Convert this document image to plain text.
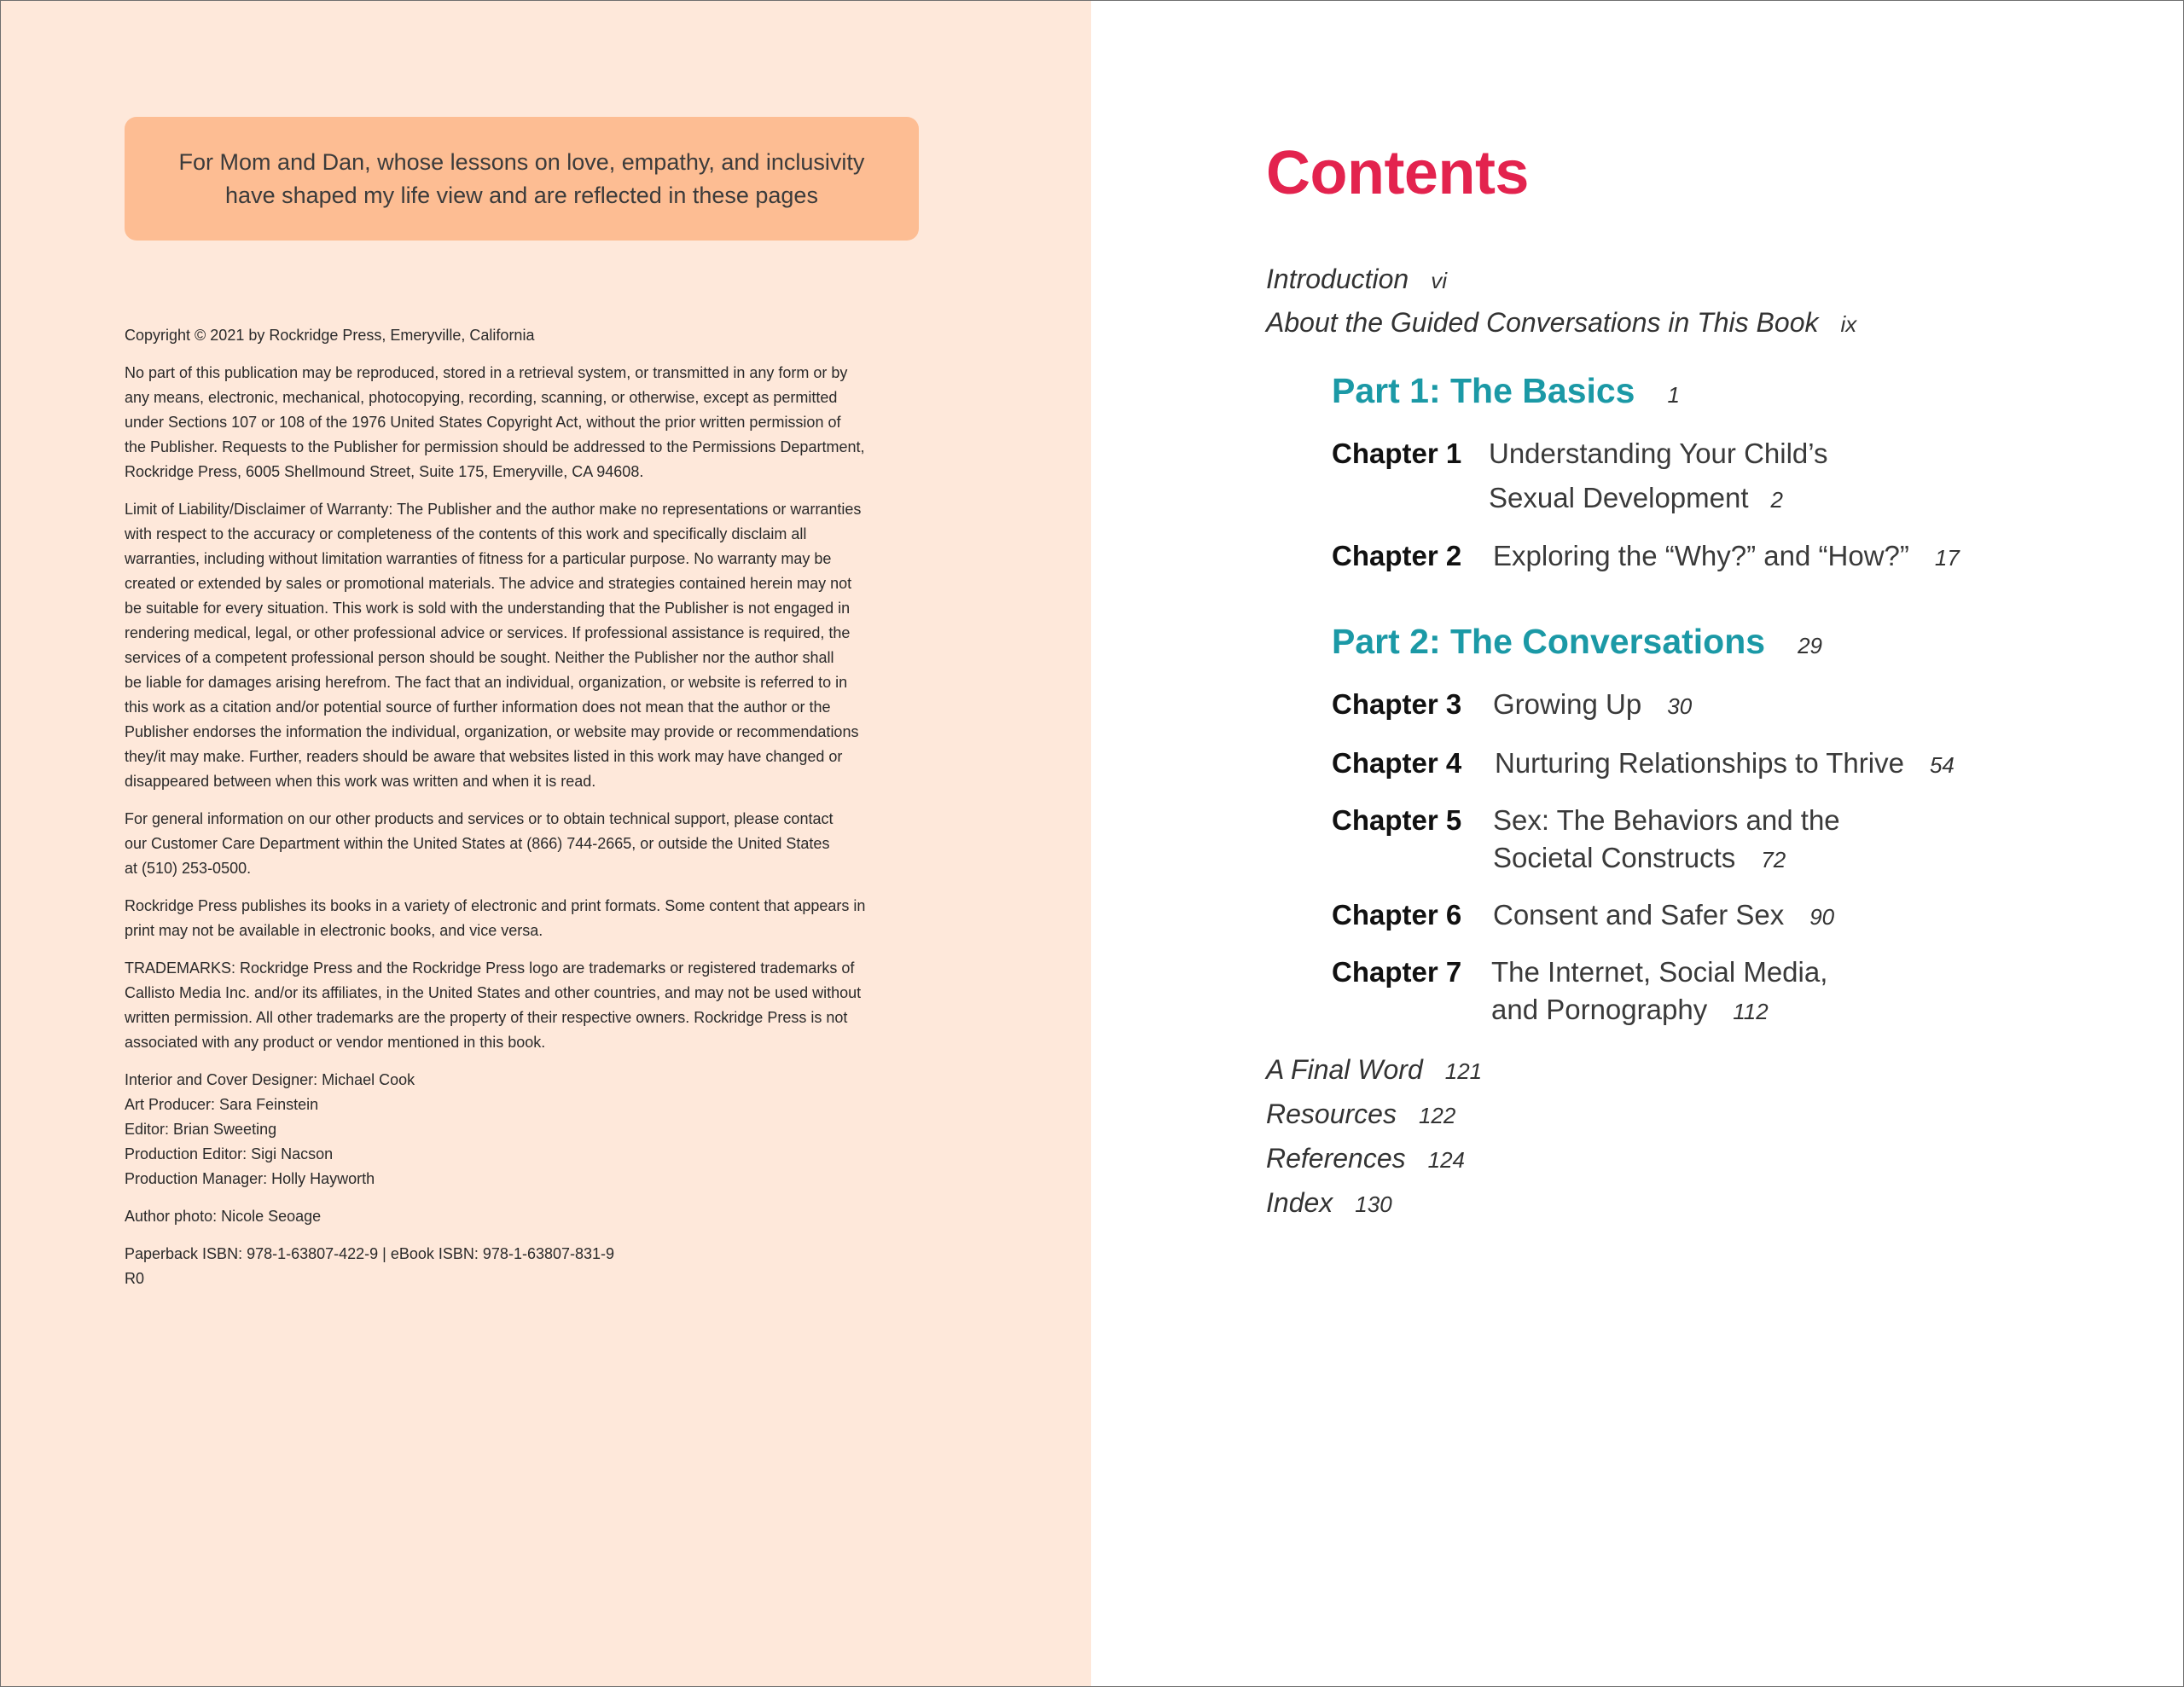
For Mom and Dan, whose lessons on love, empathy, and inclusivity
have shaped my life view and are reflected in these pages

Copyright © 2021 by Rockridge Press, Emeryville, California

No part of this publication may be reproduced, stored in a retrieval system, or transmitted in any form or by
any means, electronic, mechanical, photocopying, recording, scanning, or otherwise, except as permitted
under Sections 107 or 108 of the 1976 United States Copyright Act, without the prior written permission of
the Publisher. Requests to the Publisher for permission should be addressed to the Permissions Department,
Rockridge Press, 6005 Shellmound Street, Suite 175, Emeryville, CA 94608.

Limit of Liability/Disclaimer of Warranty: The Publisher and the author make no representations or warranties
with respect to the accuracy or completeness of the contents of this work and specifically disclaim all
warranties, including without limitation warranties of fitness for a particular purpose. No warranty may be
created or extended by sales or promotional materials. The advice and strategies contained herein may not
be suitable for every situation. This work is sold with the understanding that the Publisher is not engaged in
rendering medical, legal, or other professional advice or services. If professional assistance is required, the
services of a competent professional person should be sought. Neither the Publisher nor the author shall
be liable for damages arising herefrom. The fact that an individual, organization, or website is referred to in
this work as a citation and/or potential source of further information does not mean that the author or the
Publisher endorses the information the individual, organization, or website may provide or recommendations
they/it may make. Further, readers should be aware that websites listed in this work may have changed or
disappeared between when this work was written and when it is read.

For general information on our other products and services or to obtain technical support, please contact
our Customer Care Department within the United States at (866) 744-2665, or outside the United States
at (510) 253-0500.

Rockridge Press publishes its books in a variety of electronic and print formats. Some content that appears in
print may not be available in electronic books, and vice versa.

TRADEMARKS: Rockridge Press and the Rockridge Press logo are trademarks or registered trademarks of
Callisto Media Inc. and/or its affiliates, in the United States and other countries, and may not be used without
written permission. All other trademarks are the property of their respective owners. Rockridge Press is not
associated with any product or vendor mentioned in this book.

Interior and Cover Designer: Michael Cook
Art Producer: Sara Feinstein
Editor: Brian Sweeting
Production Editor: Sigi Nacson
Production Manager: Holly Hayworth

Author photo: Nicole Seoage

Paperback ISBN: 978-1-63807-422-9 | eBook ISBN: 978-1-63807-831-9
R0

Contents
Introduction vi
About the Guided Conversations in This Book ix
Part 1: The Basics 1
Chapter 1 Understanding Your Child’s
Sexual Development 2
Chapter 2 Exploring the “Why?” and “How?” 17
Part 2: The Conversations 29
Chapter 3 Growing Up 30
Chapter 4 Nurturing Relationships to Thrive 54
Chapter 5 Sex: The Behaviors and the
Societal Constructs 72
Chapter 6 Consent and Safer Sex 90
Chapter 7 The Internet, Social Media,
and Pornography 112
A Final Word 121
Resources 122
References 124
Index 130
